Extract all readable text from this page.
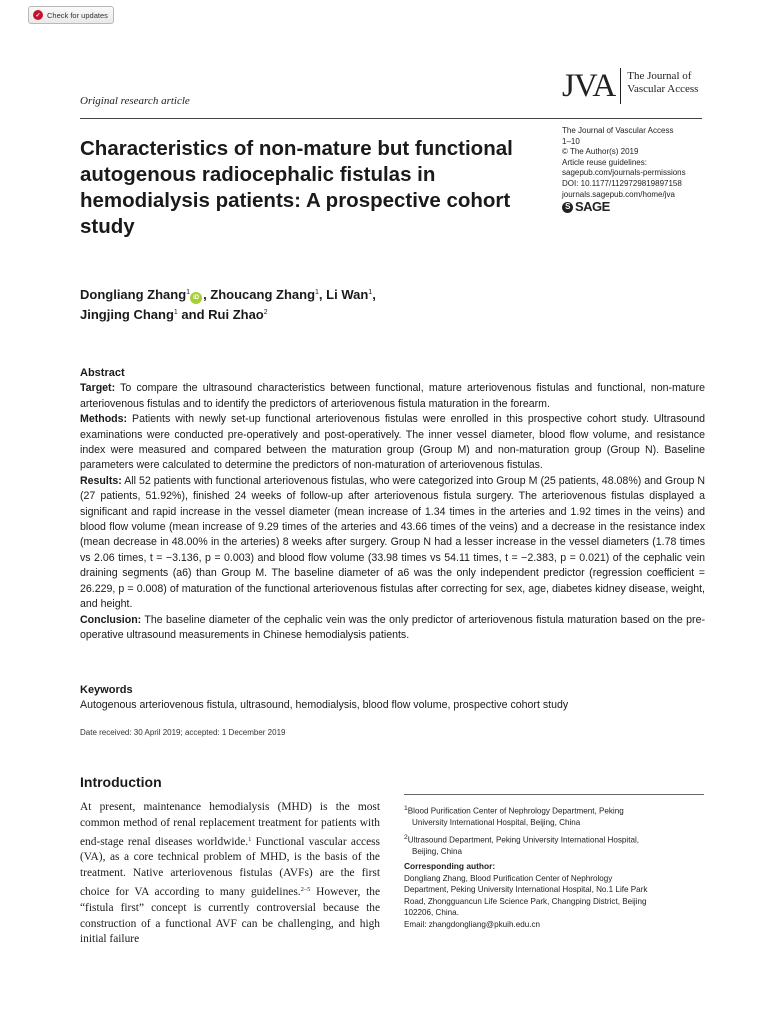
✓ Check for updates
Original research article	JVA	The Journal of
Vascular Access
The Journal of Vascular Access
1–10
© The Author(s) 2019
Article reuse guidelines:
sagepub.com/journals-permissions
DOI: 10.1177/1129729819897158
journals.sagepub.com/home/jva
S SAGE
Characteristics of non-mature but functional autogenous radiocephalic fistulas in hemodialysis patients: A prospective cohort study
Dongliang Zhang$^1$iD , Zhoucang Zhang$^1$, Li Wan$^1$,
Jingjing Chang$^1$ and Rui Zhao$^2$
Abstract

Target: To compare the ultrasound characteristics between functional, mature arteriovenous fistulas and functional, non-mature arteriovenous fistulas and to identify the predictors of arteriovenous fistula maturation in the forearm.

Methods: Patients with newly set-up functional arteriovenous fistulas were enrolled in this prospective cohort study. Ultrasound examinations were conducted pre-operatively and post-operatively. The inner vessel diameter, blood flow volume, and resistance index were measured and compared between the maturation group (Group M) and non-maturation group (Group N). Baseline parameters were calculated to determine the predictors of non-maturation of arteriovenous fistulas.

Results: All 52 patients with functional arteriovenous fistulas, who were categorized into Group M (25 patients, 48.08%) and Group N (27 patients, 51.92%), finished 24 weeks of follow-up after arteriovenous fistula surgery. The arteriovenous fistulas displayed a significant and rapid increase in the vessel diameter (mean increase of 1.34 times in the arteries and 1.92 times in the veins) and blood flow volume (mean increase of 9.29 times of the arteries and 43.66 times of the veins) and a decrease in the resistance index (mean decrease in 48.00% in the arteries) 8 weeks after surgery. Group N had a lesser increase in the vessel diameters (1.78 times vs 2.06 times, t = −3.136, p = 0.003) and blood flow volume (33.98 times vs 54.11 times, t = −2.383, p = 0.021) of the cephalic vein draining segments (a6) than Group M. The baseline diameter of a6 was the only independent predictor (regression coefficient = 26.229, p = 0.008) of maturation of the functional arteriovenous fistulas after correcting for sex, age, diabetes kidney disease, weight, and height.

Conclusion: The baseline diameter of the cephalic vein was the only predictor of arteriovenous fistula maturation based on the pre-operative ultrasound measurements in Chinese hemodialysis patients.

Keywords
Autogenous arteriovenous fistula, ultrasound, hemodialysis, blood flow volume, prospective cohort study
Date received: 30 April 2019; accepted: 1 December 2019
Introduction

At present, maintenance hemodialysis (MHD) is the most common method of renal replacement treatment for patients with end-stage renal diseases worldwide.$^1$ Functional vascular access (VA), as a core technical problem of MHD, is the basis of the treatment. Native arteriovenous fistulas (AVFs) are the first choice for VA according to many guidelines.$^{2-5}$ However, the “fistula first” concept is currently controversial because the construction of a functional AVF can be challenging, and high initial failure

$^1$Blood Purification Center of Nephrology Department, Peking
University International Hospital, Beijing, China
$^2$Ultrasound Department, Peking University International Hospital,
Beijing, China
Corresponding author:
Dongliang Zhang, Blood Purification Center of Nephrology
Department, Peking University International Hospital, No.1 Life Park
Road, Zhongguancun Life Science Park, Changping District, Beijing
102206, China.
Email: zhangdongliang@pkuih.edu.cn
